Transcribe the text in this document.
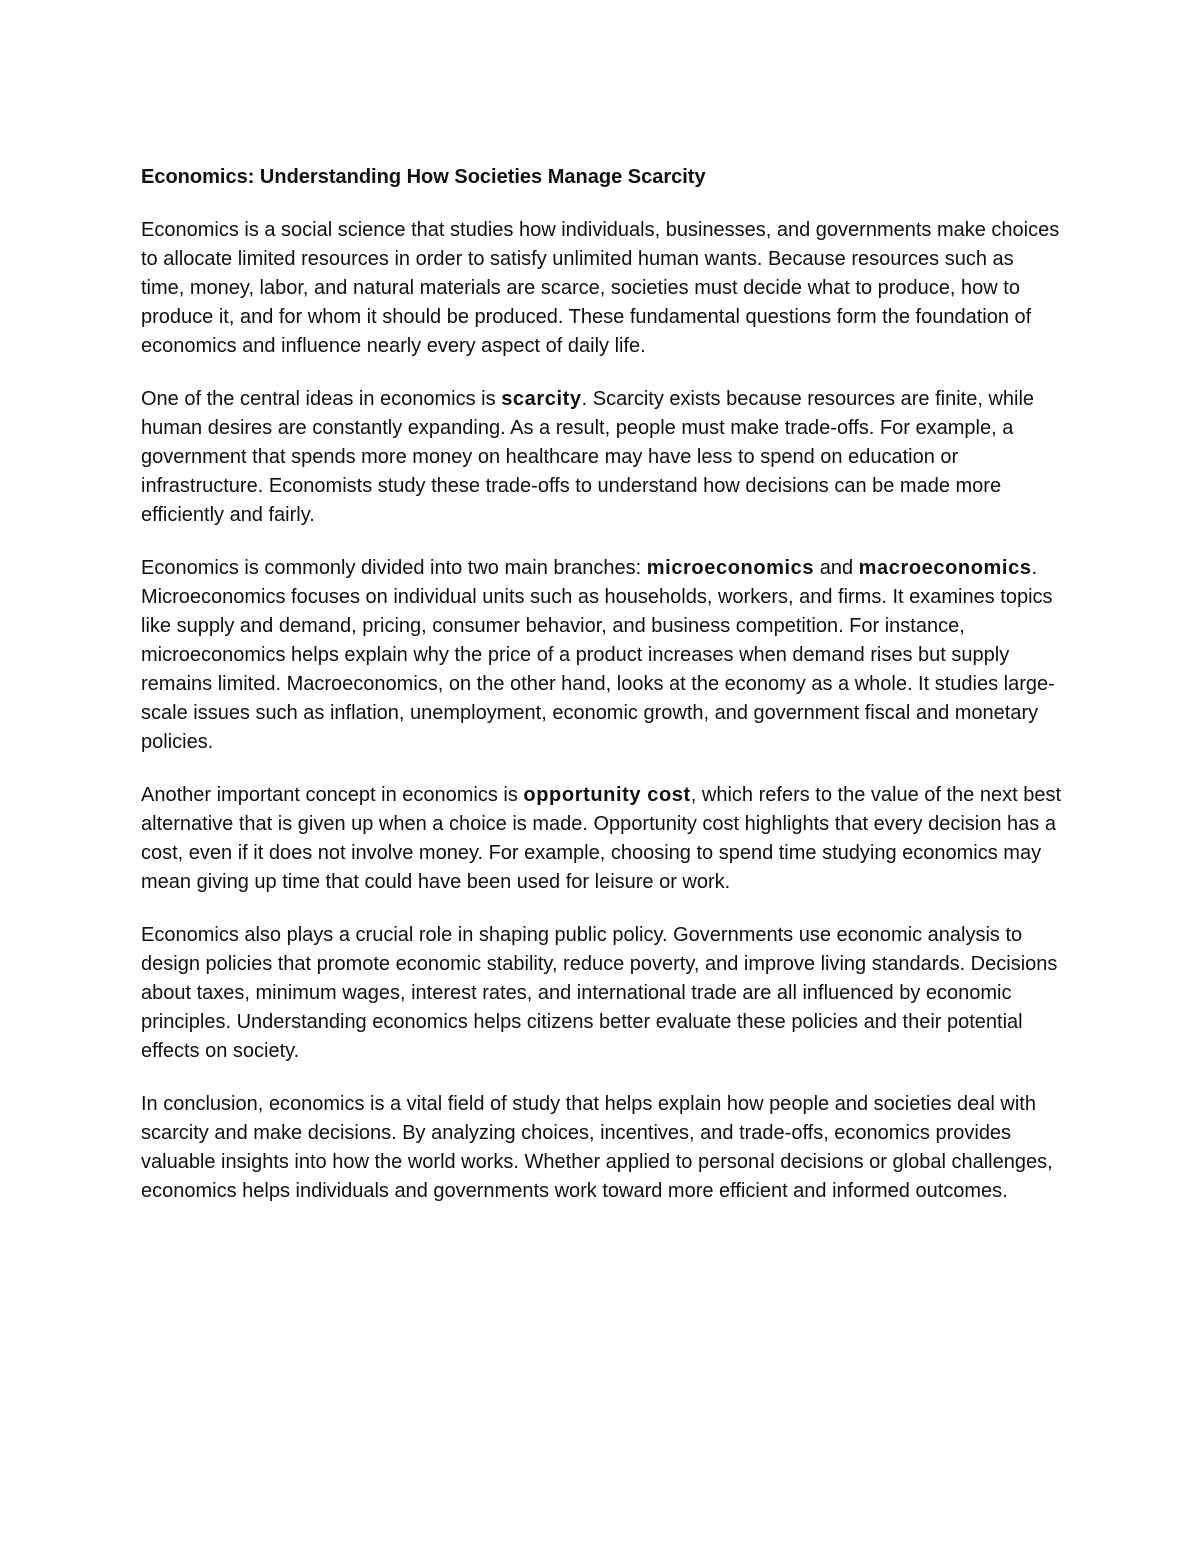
Economics: Understanding How Societies Manage Scarcity

Economics is a social science that studies how individuals, businesses, and governments make choices to allocate limited resources in order to satisfy unlimited human wants. Because resources such as time, money, labor, and natural materials are scarce, societies must decide what to produce, how to produce it, and for whom it should be produced. These fundamental questions form the foundation of economics and influence nearly every aspect of daily life.

One of the central ideas in economics is scarcity. Scarcity exists because resources are finite, while human desires are constantly expanding. As a result, people must make trade-offs. For example, a government that spends more money on healthcare may have less to spend on education or infrastructure. Economists study these trade-offs to understand how decisions can be made more efficiently and fairly.

Economics is commonly divided into two main branches: microeconomics and macroeconomics. Microeconomics focuses on individual units such as households, workers, and firms. It examines topics like supply and demand, pricing, consumer behavior, and business competition. For instance, microeconomics helps explain why the price of a product increases when demand rises but supply remains limited. Macroeconomics, on the other hand, looks at the economy as a whole. It studies large-scale issues such as inflation, unemployment, economic growth, and government fiscal and monetary policies.

Another important concept in economics is opportunity cost, which refers to the value of the next best alternative that is given up when a choice is made. Opportunity cost highlights that every decision has a cost, even if it does not involve money. For example, choosing to spend time studying economics may mean giving up time that could have been used for leisure or work.

Economics also plays a crucial role in shaping public policy. Governments use economic analysis to design policies that promote economic stability, reduce poverty, and improve living standards. Decisions about taxes, minimum wages, interest rates, and international trade are all influenced by economic principles. Understanding economics helps citizens better evaluate these policies and their potential effects on society.

In conclusion, economics is a vital field of study that helps explain how people and societies deal with scarcity and make decisions. By analyzing choices, incentives, and trade-offs, economics provides valuable insights into how the world works. Whether applied to personal decisions or global challenges, economics helps individuals and governments work toward more efficient and informed outcomes.
